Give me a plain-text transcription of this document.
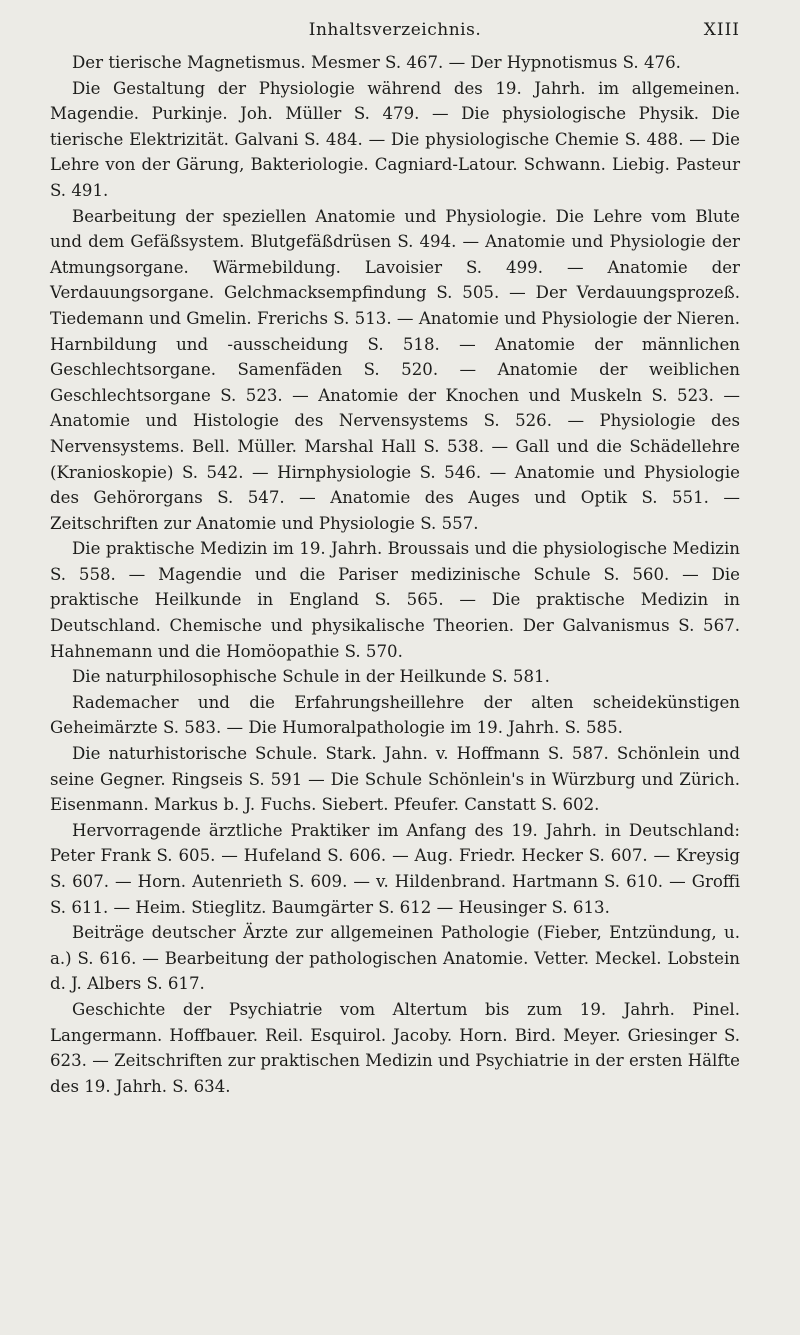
Inhaltsverzeichnis.	XIII

Der tierische Magnetismus. Mesmer S. 467. — Der Hypnotismus S. 476.

Die Gestaltung der Physiologie während des 19. Jahrh. im allgemeinen. Magendie. Purkinje. Joh. Müller S. 479. — Die physiologische Physik. Die tierische Elektrizität. Galvani S. 484. — Die physiologische Chemie S. 488. — Die Lehre von der Gärung, Bakteriologie. Cagniard-Latour. Schwann. Liebig. Pasteur S. 491.

Bearbeitung der speziellen Anatomie und Physiologie. Die Lehre vom Blute und dem Gefäßsystem. Blutgefäßdrüsen S. 494. — Anatomie und Physiologie der Atmungsorgane. Wärmebildung. Lavoisier S. 499. — Anatomie der Verdauungsorgane. Gelchmacksempfindung S. 505. — Der Verdauungsprozeß. Tiedemann und Gmelin. Frerichs S. 513. — Anatomie und Physiologie der Nieren. Harnbildung und -ausscheidung S. 518. — Anatomie der männlichen Geschlechtsorgane. Samenfäden S. 520. — Anatomie der weiblichen Geschlechtsorgane S. 523. — Anatomie der Knochen und Muskeln S. 523. — Anatomie und Histologie des Nervensystems S. 526. — Physiologie des Nervensystems. Bell. Müller. Marshal Hall S. 538. — Gall und die Schädellehre (Kranioskopie) S. 542. — Hirnphysiologie S. 546. — Anatomie und Physiologie des Gehörorgans S. 547. — Anatomie des Auges und Optik S. 551. — Zeitschriften zur Anatomie und Physiologie S. 557.

Die praktische Medizin im 19. Jahrh. Broussais und die physiologische Medizin S. 558. — Magendie und die Pariser medizinische Schule S. 560. — Die praktische Heilkunde in England S. 565. — Die praktische Medizin in Deutschland. Chemische und physikalische Theorien. Der Galvanismus S. 567. Hahnemann und die Homöopathie S. 570.

Die naturphilosophische Schule in der Heilkunde S. 581.

Rademacher und die Erfahrungsheillehre der alten scheidekünstigen Geheimärzte S. 583. — Die Humoralpathologie im 19. Jahrh. S. 585.

Die naturhistorische Schule. Stark. Jahn. v. Hoffmann S. 587. Schönlein und seine Gegner. Ringseis S. 591 — Die Schule Schönlein's in Würzburg und Zürich. Eisenmann. Markus b. J. Fuchs. Siebert. Pfeufer. Canstatt S. 602.

Hervorragende ärztliche Praktiker im Anfang des 19. Jahrh. in Deutschland: Peter Frank S. 605. — Hufeland S. 606. — Aug. Friedr. Hecker S. 607. — Kreysig S. 607. — Horn. Autenrieth S. 609. — v. Hildenbrand. Hartmann S. 610. — Groffi S. 611. — Heim. Stieglitz. Baumgärter S. 612 — Heusinger S. 613.

Beiträge deutscher Ärzte zur allgemeinen Pathologie (Fieber, Entzündung, u. a.) S. 616. — Bearbeitung der pathologischen Anatomie. Vetter. Meckel. Lobstein d. J. Albers S. 617.

Geschichte der Psychiatrie vom Altertum bis zum 19. Jahrh. Pinel. Langermann. Hoffbauer. Reil. Esquirol. Jacoby. Horn. Bird. Meyer. Griesinger S. 623. — Zeitschriften zur praktischen Medizin und Psychiatrie in der ersten Hälfte des 19. Jahrh. S. 634.
